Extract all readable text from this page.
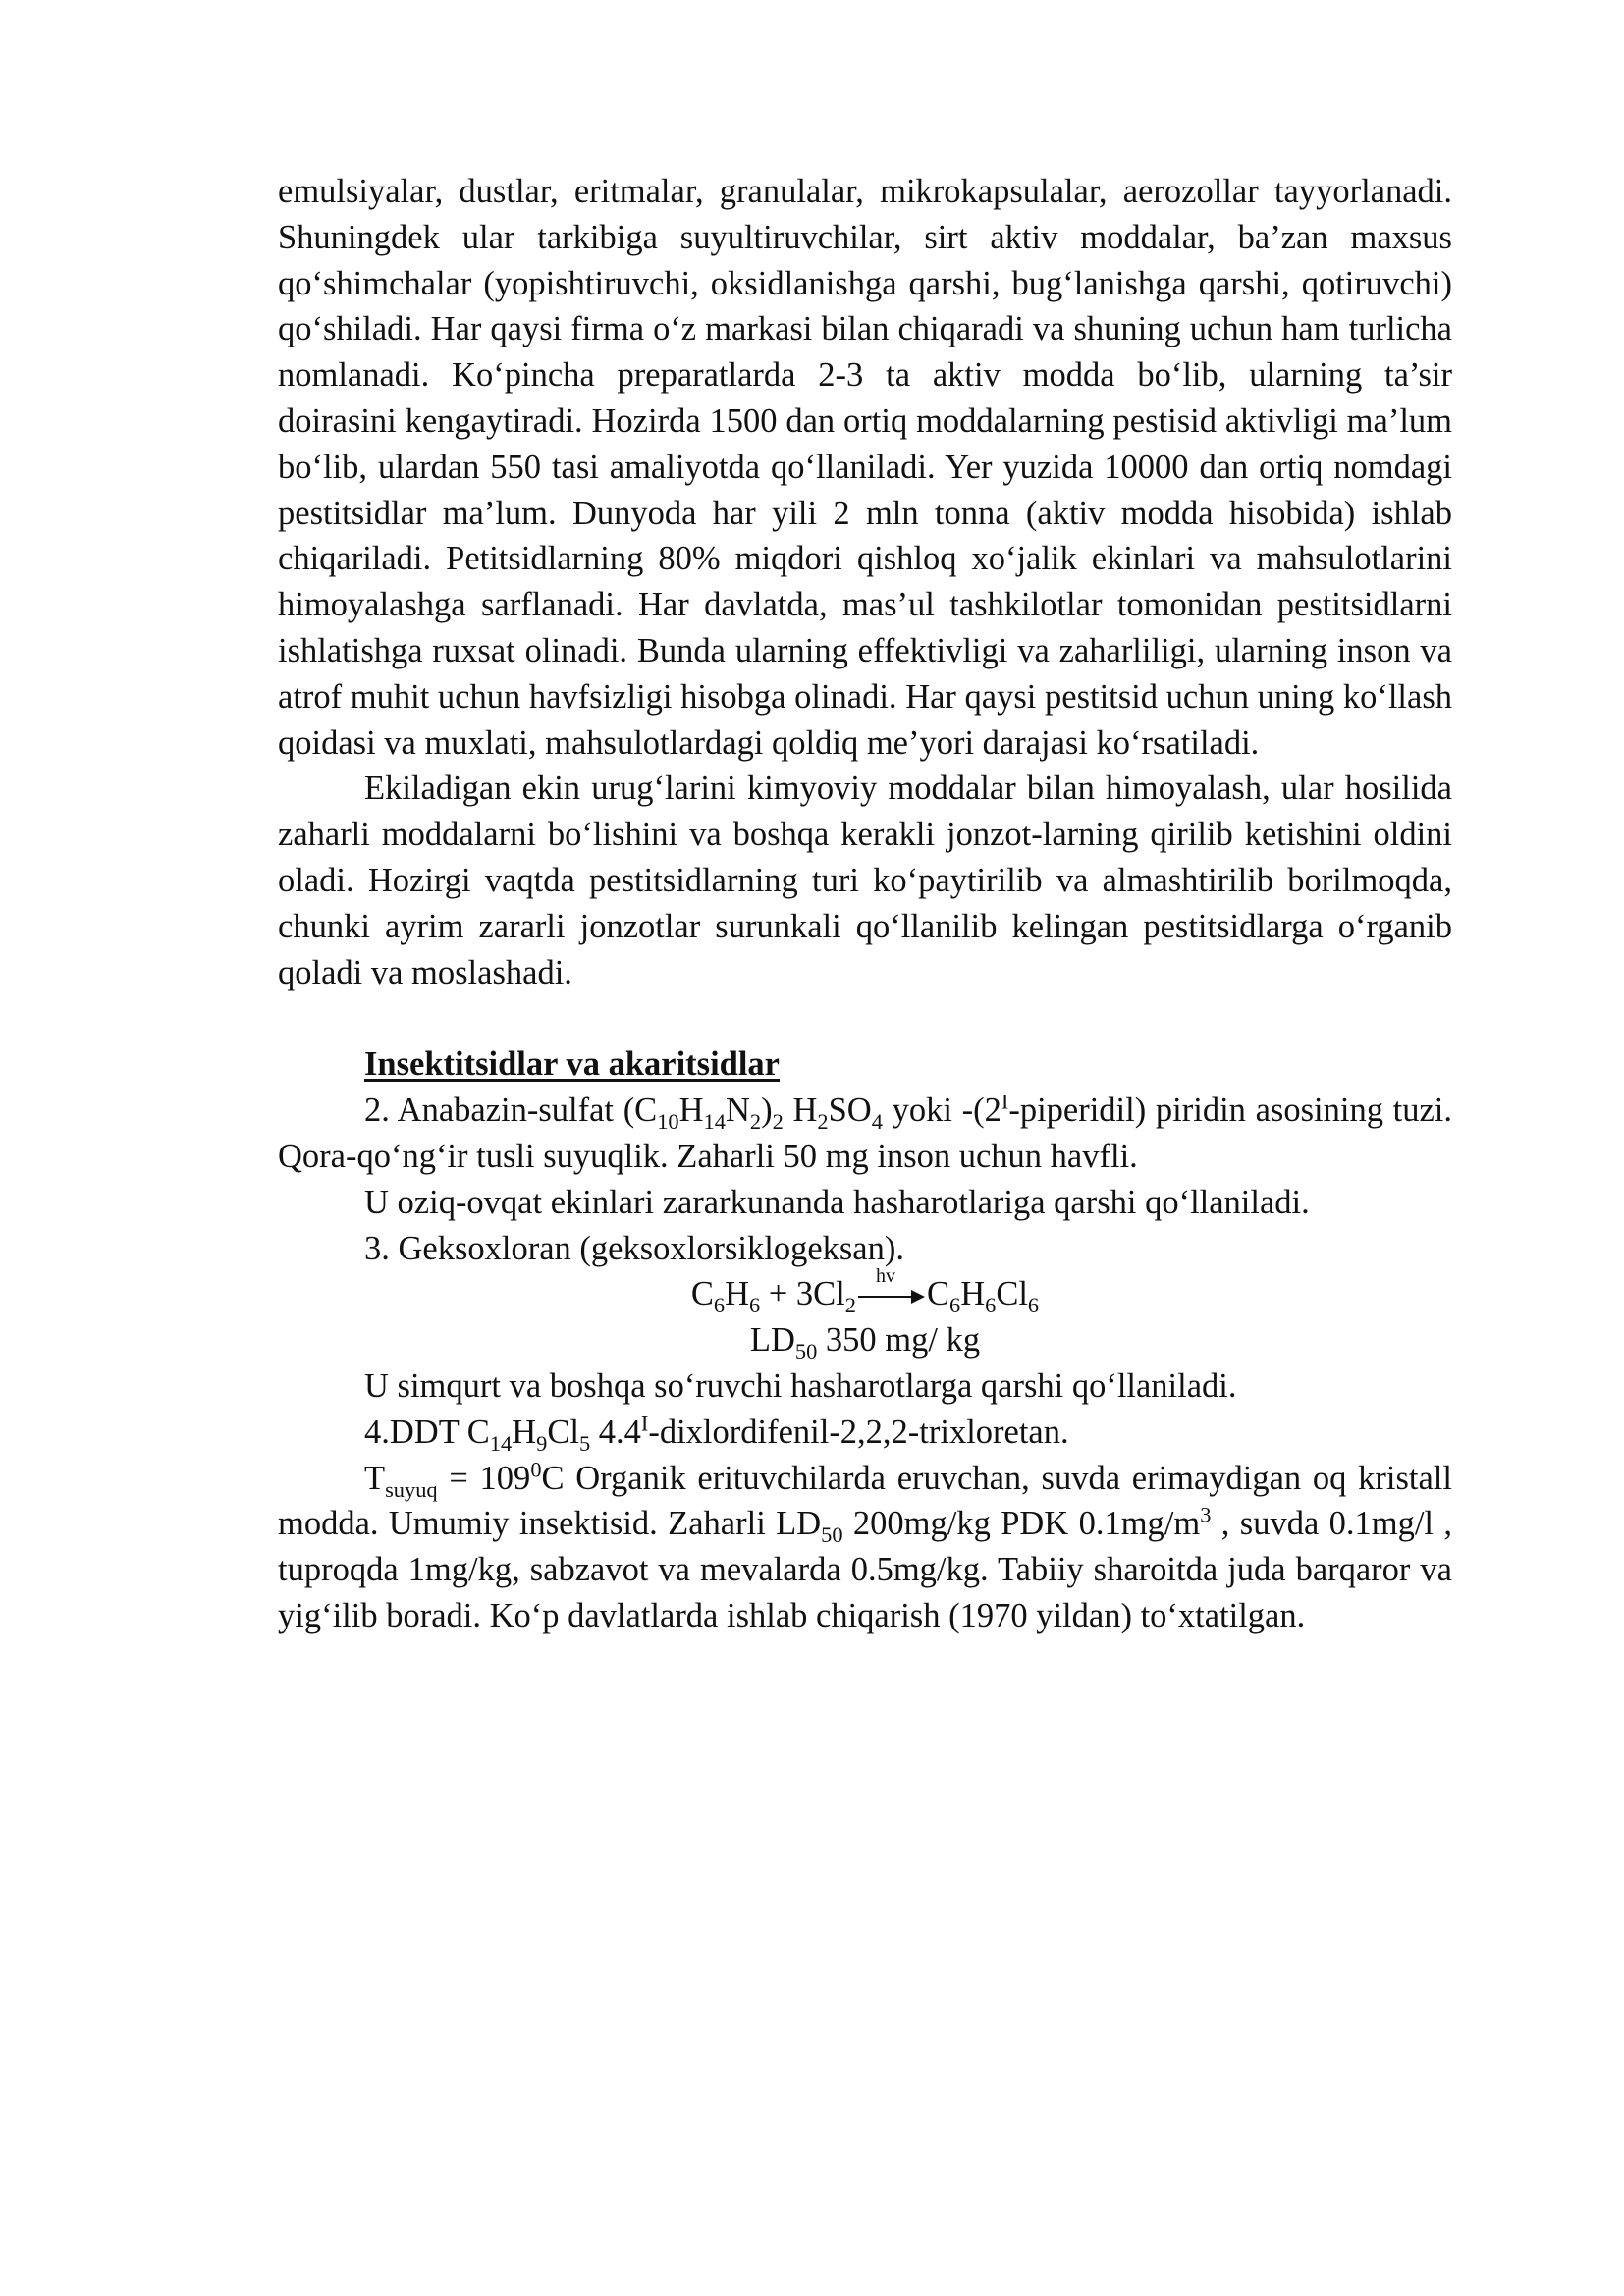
emulsiyalar, dustlar, eritmalar, granulalar, mikrokapsulalar, aerozollar tayyorlanadi. Shuningdek ular tarkibiga suyultiruvchilar, sirt aktiv moddalar, ba’zan maxsus qo‘shimchalar (yopishtiruvchi, oksidlanishga qarshi, bug‘lanishga qarshi, qotiruvchi) qo‘shiladi. Har qaysi firma o‘z markasi bilan chiqaradi va shuning uchun ham turlicha nomlanadi. Ko‘pincha preparatlarda 2-3 ta aktiv modda bo‘lib, ularning ta’sir doirasini kengaytiradi. Hozirda 1500 dan ortiq moddalarning pestisid aktivligi ma’lum bo‘lib, ulardan 550 tasi amaliyotda qo‘llaniladi. Yer yuzida 10000 dan ortiq nomdagi pestitsidlar ma’lum. Dunyoda har yili 2 mln tonna (aktiv modda hisobida) ishlab chiqariladi. Petitsidlarning 80% miqdori qishloq xo‘jalik ekinlari va mahsulotlarini himoyalashga sarflanadi. Har davlatda, mas’ul tashkilotlar tomonidan pestitsidlarni ishlatishga ruxsat olinadi. Bunda ularning effektivligi va zaharliligi, ularning inson va atrof muhit uchun havfsizligi hisobga olinadi. Har qaysi pestitsid uchun uning ko‘llash qoidasi va muxlati, mahsulotlardagi qoldiq me’yori darajasi ko‘rsatiladi.

Ekiladigan ekin urug‘larini kimyoviy moddalar bilan himoyalash, ular hosilida zaharli moddalarni bo‘lishini va boshqa kerakli jonzot-larning qirilib ketishini oldini oladi. Hozirgi vaqtda pestitsidlarning turi ko‘paytirilib va almashtirilib borilmoqda, chunki ayrim zararli jonzotlar surunkali qo‘llanilib kelingan pestitsidlarga o‘rganib qoladi va moslashadi.

Insektitsidlar va akaritsidlar

2. Anabazin-sulfat $(C_{10}H_{14}N_2)_2$ $H_2SO_4$ yoki $-(2^I-piperidil)$ piridin asosining tuzi. Qora-qo‘ng‘ir tusli suyuqlik. Zaharli 50 mg inson uchun havfli.

U oziq-ovqat ekinlari zararkunanda hasharotlariga qarshi qo‘llaniladi.

3. Geksoxloran (geksoxlorsiklogeksan).

$C_6H_6 + 3Cl_2$
hv $C_6H_6Cl_6$

$LD_{50}$ 350 mg/ kg

U simqurt va boshqa so‘ruvchi hasharotlarga qarshi qo‘llaniladi.

4.DDT $C_{14}H_9Cl_5$ $4.4^I-dixlordifenil-2,2,2$-trixloretan.

$T_{suyuq} = 109^0C$ Organik erituvchilarda eruvchan, suvda erimaydigan oq kristall modda. Umumiy insektisid. Zaharli $LD_{50}$ 200mg/kg PDK $0.1mg/m^3$ , suvda 0.1mg/l , tuproqda 1mg/kg, sabzavot va mevalarda 0.5mg/kg. Tabiiy sharoitda juda barqaror va yig‘ilib boradi. Ko‘p davlatlarda ishlab chiqarish (1970 yildan) to‘xtatilgan.
